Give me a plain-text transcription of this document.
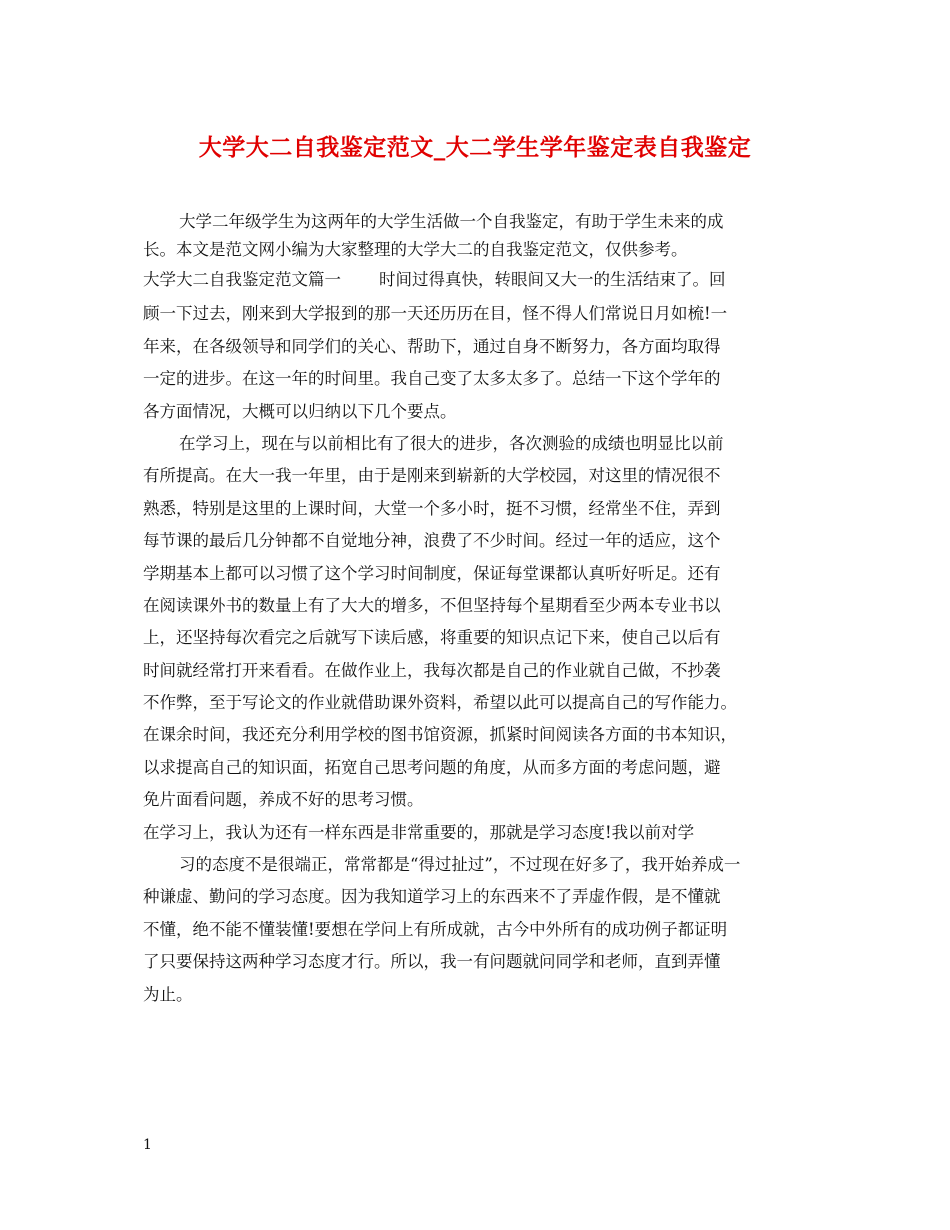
大学大二自我鉴定范文_大二学生学年鉴定表自我鉴定
大学二年级学生为这两年的大学生活做一个自我鉴定，有助于学生未来的成
长。本文是范文网小编为大家整理的大学大二的自我鉴定范文，仅供参考。
大学大二自我鉴定范文篇一 时间过得真快，转眼间又大一的生活结束了。回
顾一下过去，刚来到大学报到的那一天还历历在目，怪不得人们常说日月如梳!一
年来，在各级领导和同学们的关心、帮助下，通过自身不断努力，各方面均取得
一定的进步。在这一年的时间里。我自己变了太多太多了。总结一下这个学年的
各方面情况，大概可以归纳以下几个要点。
在学习上，现在与以前相比有了很大的进步，各次测验的成绩也明显比以前
有所提高。在大一我一年里，由于是刚来到崭新的大学校园，对这里的情况很不
熟悉，特别是这里的上课时间，大堂一个多小时，挺不习惯，经常坐不住，弄到
每节课的最后几分钟都不自觉地分神，浪费了不少时间。经过一年的适应，这个
学期基本上都可以习惯了这个学习时间制度，保证每堂课都认真听好听足。还有
在阅读课外书的数量上有了大大的增多，不但坚持每个星期看至少两本专业书以
上，还坚持每次看完之后就写下读后感，将重要的知识点记下来，使自己以后有
时间就经常打开来看看。在做作业上，我每次都是自己的作业就自己做，不抄袭
不作弊，至于写论文的作业就借助课外资料，希望以此可以提高自己的写作能力。
在课余时间，我还充分利用学校的图书馆资源，抓紧时间阅读各方面的书本知识，
以求提高自己的知识面，拓宽自己思考问题的角度，从而多方面的考虑问题，避
免片面看问题，养成不好的思考习惯。
在学习上，我认为还有一样东西是非常重要的，那就是学习态度!我以前对学
习的态度不是很端正，常常都是“得过扯过”，不过现在好多了，我开始养成一
种谦虚、勤问的学习态度。因为我知道学习上的东西来不了弄虚作假，是不懂就
不懂，绝不能不懂装懂!要想在学问上有所成就，古今中外所有的成功例子都证明
了只要保持这两种学习态度才行。所以，我一有问题就问同学和老师，直到弄懂
为止。
1
